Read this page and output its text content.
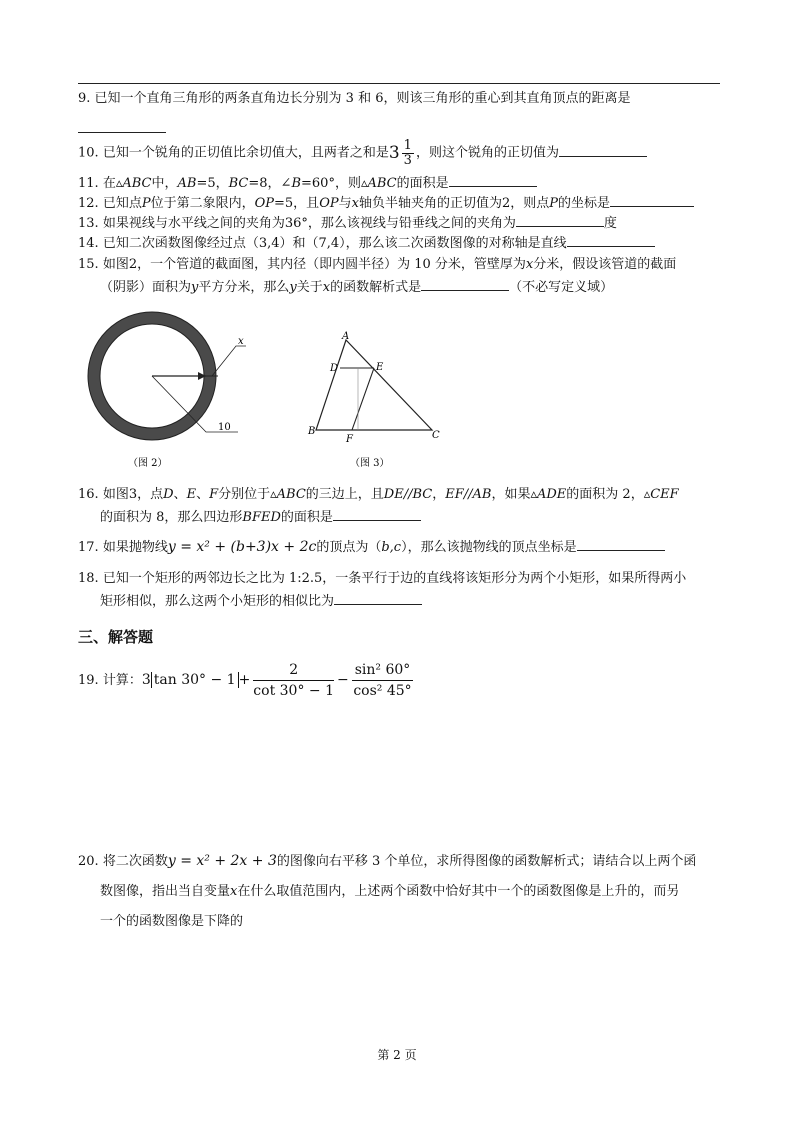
9. 已知一个直角三角形的两条直角边长分别为 3 和 6，则该三角形的重心到其直角顶点的距离是
10. 已知一个锐角的正切值比余切值大，且两者之和是$3 \frac{1}{3}$ ，则这个锐角的正切值为
11. 在▵ABC中，AB=5，BC=8，∠B=60°，则▵ABC的面积是
12. 已知点P位于第二象限内，OP=5，且OP与x轴负半轴夹角的正切值为2，则点P的坐标是
13. 如果视线与水平线之间的夹角为36°，那么该视线与铅垂线之间的夹角为	度
14. 已知二次函数图像经过点（3,4）和（7,4），那么该二次函数图像的对称轴是直线
15. 如图2，一个管道的截面图，其内径（即内圆半径）为 10 分米，管壁厚为x分米，假设该管道的截面
（阴影）面积为y平方分米，那么y关于x的函数解析式是	（不必写定义域）
x
10
（图 2）
A
D	E
B
F	C
（图 3）
16. 如图3，点D、E、F分别位于▵ABC的三边上，且DE//BC，EF//AB，如果▵ADE的面积为 2，▵CEF
的面积为 8，那么四边形BFED的面积是
17. 如果抛物线y = x² + (b+3)x + 2c的顶点为（b,c），那么该抛物线的顶点坐标是
18. 已知一个矩形的两邻边长之比为 1:2.5，一条平行于边的直线将该矩形分为两个小矩形，如果所得两小
矩形相似，那么这两个小矩形的相似比为
三、解答题
19. 计算：3 $\tan 30^\circ - 1 + \frac{2}{\cot 30^\circ - 1} - \frac{\text{sin² 60°}}{\text{cos² 45°}}$
20. 将二次函数y = x² + 2x + 3的图像向右平移 3 个单位，求所得图像的函数解析式；请结合以上两个函
数图像，指出当自变量x在什么取值范围内，上述两个函数中恰好其中一个的函数图像是上升的，而另
一个的函数图像是下降的
第 2 页
